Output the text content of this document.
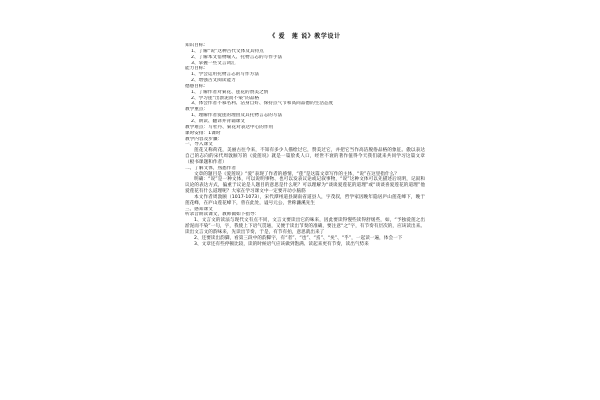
《 爱　莲 说》教学设计
知识目标：
1、了解“说”这种古代文体及其特点
2、了解本文借物喻人、托物言志的写作手法
3、掌握一些文言词汇
能力目标：
1、学会运用托物言志的写作方法
2、增强古文阅读能力
德感目标：
1、了解作者对菊花、莲花的赞美之情
2、学习莲“出淤泥而不染”的品格
3、体会作者不慕名利、洁身自好、保持点气节和高尚品德的生活态度
教学重点：
1、理解作者爱莲的理由及其托物言志的写法
2、朗读、翻译并背诵课文
教学难点：写牡丹、菊花对表达中心的作用
课时安排：1课时
教学内容及步骤：
一、导入课文
莲花又称荷花，美丽古往今来，不知有多少人描绘过它，赞美过它，并把它当作高洁脱俗品格的象征。傲以表达自己的志向的宋代周敦颐写的《爱莲说》就是一篇脍炙人口，经世不衰的著作值得今天我们就来共同学习这篇文章（板书课题和作者）
二、了解文体，熟悉作者
文章的题目是《爱莲说》“爱”表现了作者的感情，“莲”是这篇文章写作的主体，“说”在这里指什么？
明确：“说”是一种文体，可以说明事物、也可以发表议论或记叙事物，“说”这种文体可以先描述后说明，记叙和议论的表达方式，偏重于议论是人题目的意思是什么呢？可以理解为“谈谈爱莲花的道理”或“谈谈喜爱莲花的道理”他爱莲花有什么道理呢？大家在学习课文中一定要开动小脑筋
本文作者周敦颐（1017-1073），宋代潭州道县湖南省道县人，字茂叔，哲学家因晚年隐居庐山莲花峰下，晚于莲花峰，在庐山莲花峰下，曾在此处，谥号元公，世称濂溪先生
三、感知课文
听录音朗读课文，教师做如下指导：
1、文言文的读法与现代文有点不同，文言文要读出它的味来，因此要读得慢些读得舒缓些，如，“予独爱莲之出淤泥而不染”一句，字，我使上下语气贯通，又便于读出节奏的准确，要注意“之”字，有节奏有层次的，应该读出来。读出文言文的韵味来，先读出节奏，于是，有节有拍，意思就出来了
2、还要读出韵脚，看第三段中的韵脚字，有“者”、“也”、“焉”、“矣”、“乎”，一起读一遍，体会一下
3、文章还有些停顿比较，读的时候语气应该做到饱满、读起来更有节奏，读出气势来
